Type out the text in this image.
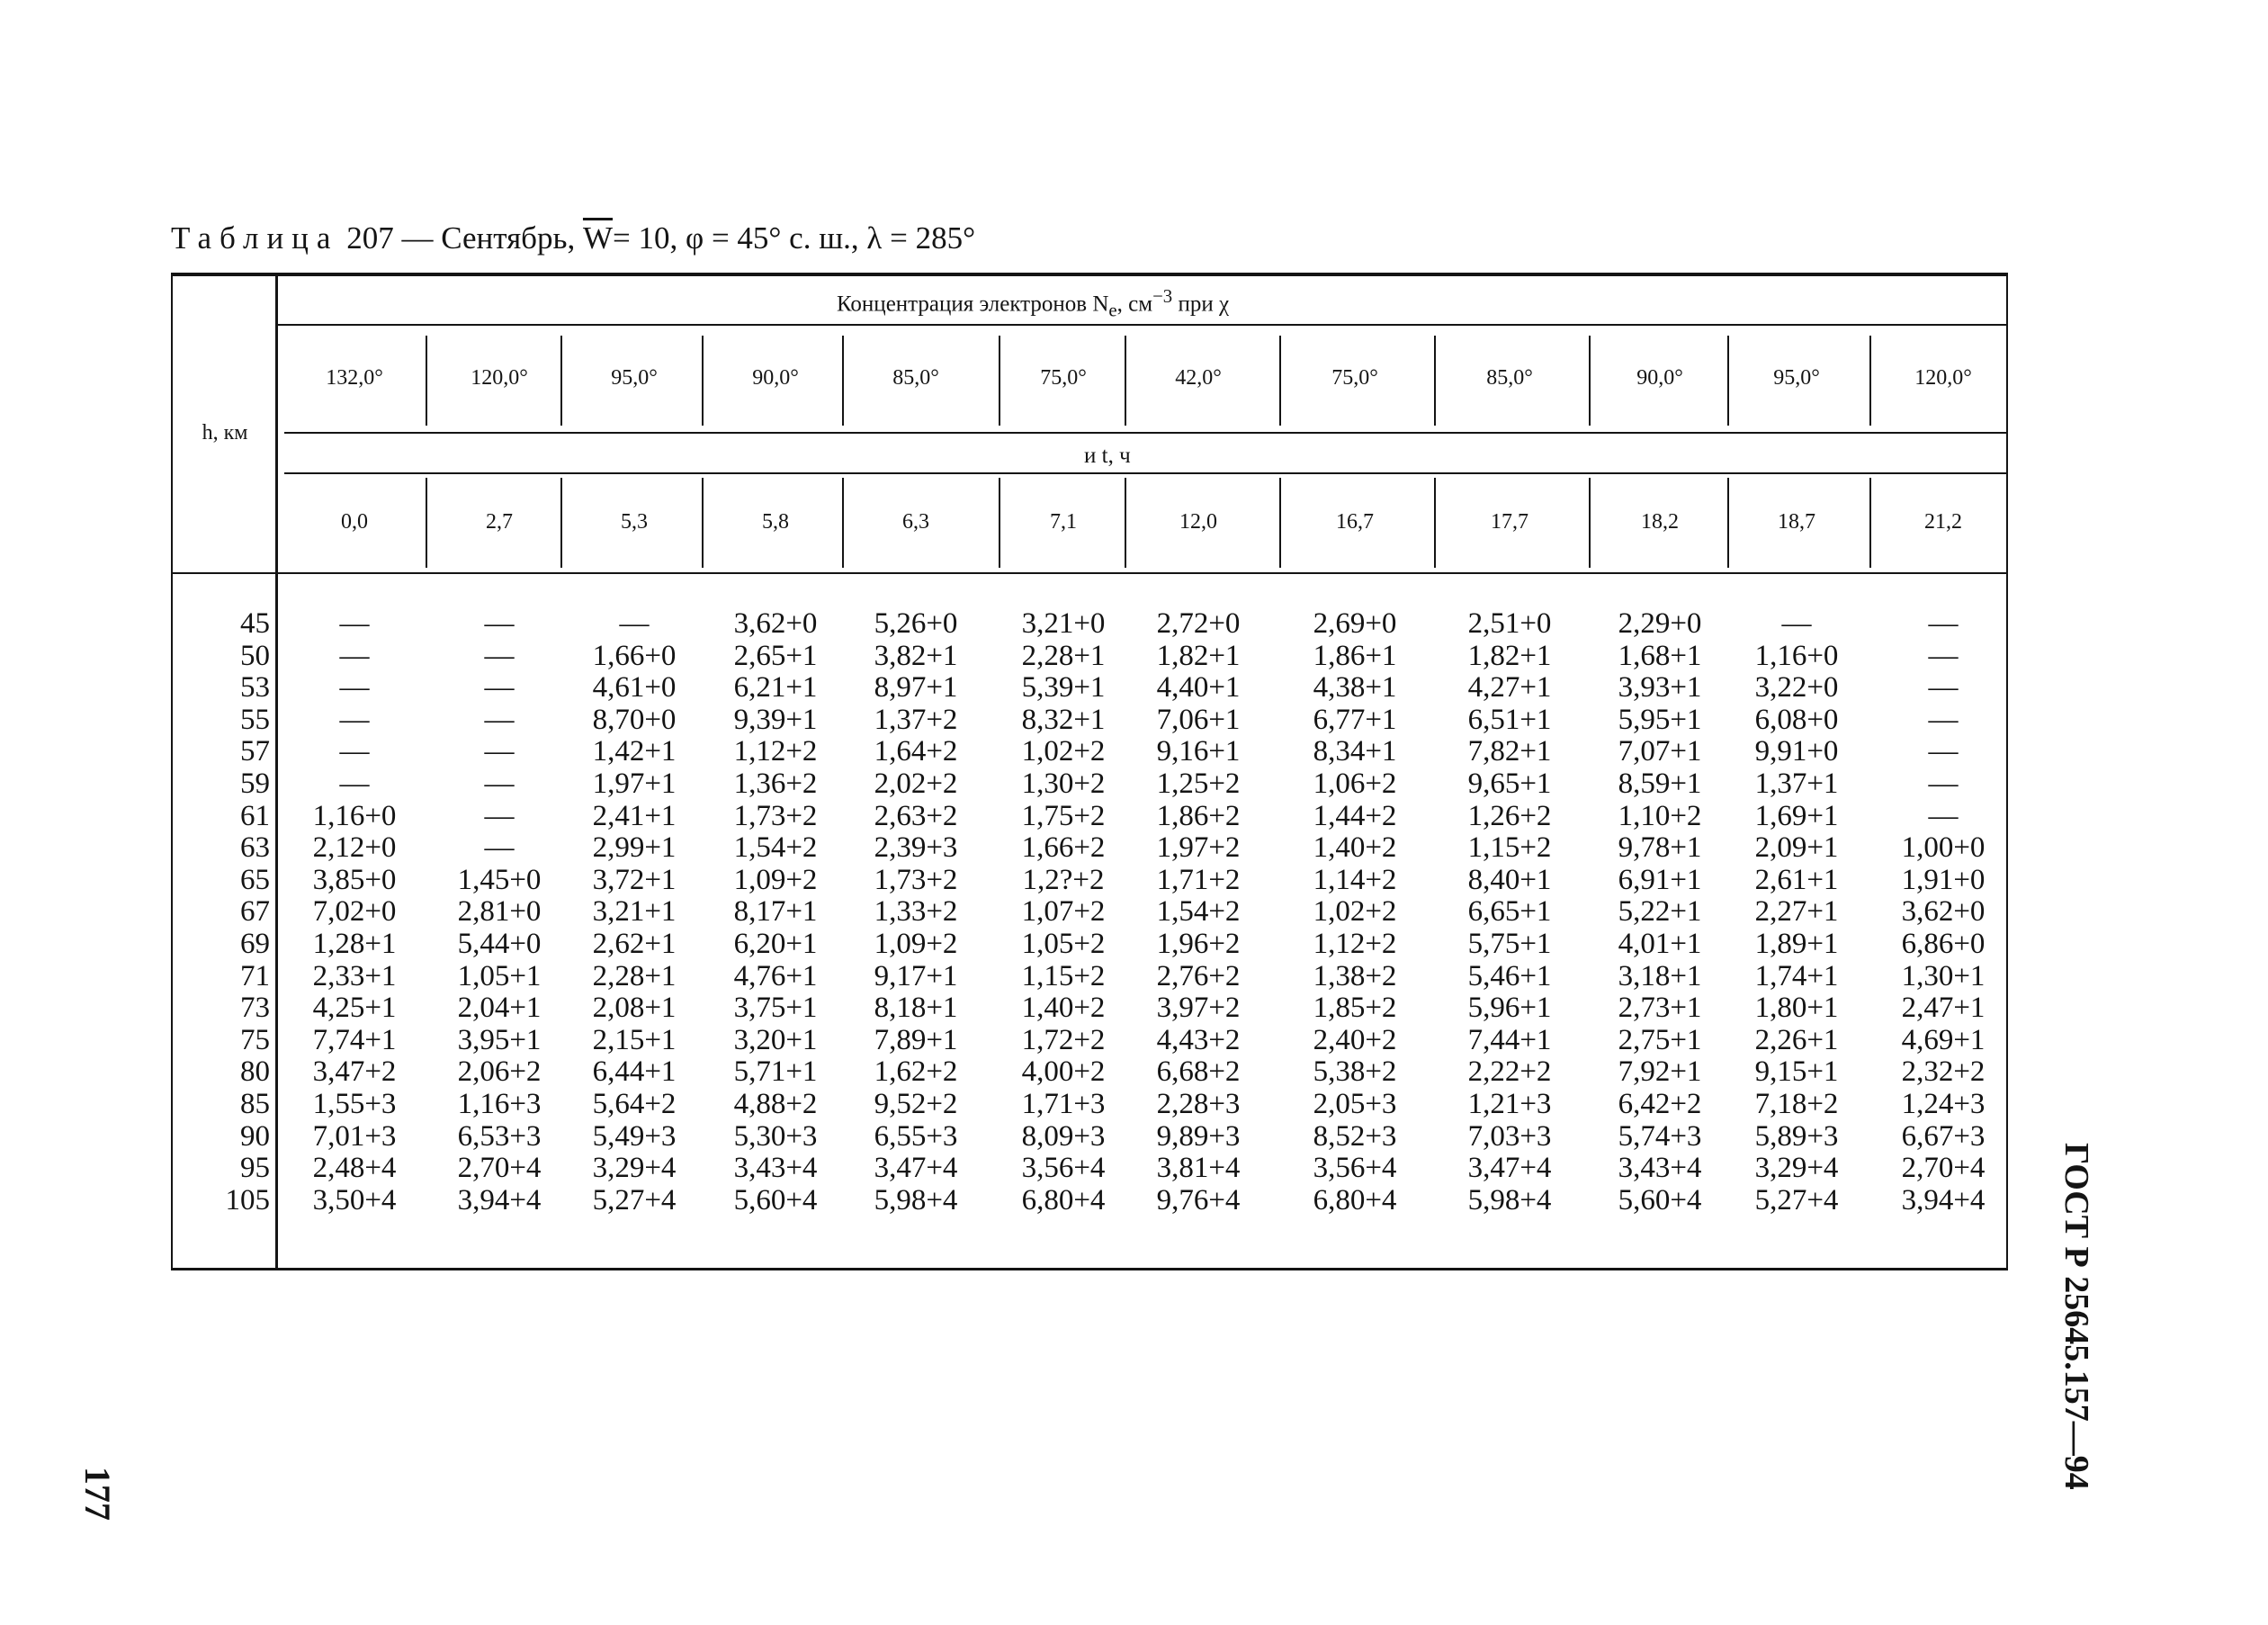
Таблица 207 — Сентябрь, $\overline{W}= 10$, φ = 45° с. ш., λ = 285°
h, км
Концентрация электронов $N_e$, $см^{-3}$ при χ
и t, ч
132,0°	120,0°	95,0°	90,0°	85,0°	75,0°	42,0°	75,0°	85,0°	90,0°	95,0°	120,0°
0,0	2,7	5,3	5,8	6,3	7,1	12,0	16,7	17,7	18,2	18,7	21,2
45	—	—	—	3,62+0	5,26+0	3,21+0	2,72+0	2,69+0	2,51+0	2,29+0	—	—
50	—	—	1,66+0	2,65+1	3,82+1	2,28+1	1,82+1	1,86+1	1,82+1	1,68+1	1,16+0	—
53	—	—	4,61+0	6,21+1	8,97+1	5,39+1	4,40+1	4,38+1	4,27+1	3,93+1	3,22+0	—
55	—	—	8,70+0	9,39+1	1,37+2	8,32+1	7,06+1	6,77+1	6,51+1	5,95+1	6,08+0	—
57	—	—	1,42+1	1,12+2	1,64+2	1,02+2	9,16+1	8,34+1	7,82+1	7,07+1	9,91+0	—
59	—	—	1,97+1	1,36+2	2,02+2	1,30+2	1,25+2	1,06+2	9,65+1	8,59+1	1,37+1	—
61	1,16+0	—	2,41+1	1,73+2	2,63+2	1,75+2	1,86+2	1,44+2	1,26+2	1,10+2	1,69+1	—
63	2,12+0	—	2,99+1	1,54+2	2,39+3	1,66+2	1,97+2	1,40+2	1,15+2	9,78+1	2,09+1	1,00+0
65	3,85+0	1,45+0	3,72+1	1,09+2	1,73+2	1,2?+2	1,71+2	1,14+2	8,40+1	6,91+1	2,61+1	1,91+0
67	7,02+0	2,81+0	3,21+1	8,17+1	1,33+2	1,07+2	1,54+2	1,02+2	6,65+1	5,22+1	2,27+1	3,62+0
69	1,28+1	5,44+0	2,62+1	6,20+1	1,09+2	1,05+2	1,96+2	1,12+2	5,75+1	4,01+1	1,89+1	6,86+0
71	2,33+1	1,05+1	2,28+1	4,76+1	9,17+1	1,15+2	2,76+2	1,38+2	5,46+1	3,18+1	1,74+1	1,30+1
73	4,25+1	2,04+1	2,08+1	3,75+1	8,18+1	1,40+2	3,97+2	1,85+2	5,96+1	2,73+1	1,80+1	2,47+1
75	7,74+1	3,95+1	2,15+1	3,20+1	7,89+1	1,72+2	4,43+2	2,40+2	7,44+1	2,75+1	2,26+1	4,69+1
80	3,47+2	2,06+2	6,44+1	5,71+1	1,62+2	4,00+2	6,68+2	5,38+2	2,22+2	7,92+1	9,15+1	2,32+2
85	1,55+3	1,16+3	5,64+2	4,88+2	9,52+2	1,71+3	2,28+3	2,05+3	1,21+3	6,42+2	7,18+2	1,24+3
90	7,01+3	6,53+3	5,49+3	5,30+3	6,55+3	8,09+3	9,89+3	8,52+3	7,03+3	5,74+3	5,89+3	6,67+3
95	2,48+4	2,70+4	3,29+4	3,43+4	3,47+4	3,56+4	3,81+4	3,56+4	3,47+4	3,43+4	3,29+4	2,70+4
105	3,50+4	3,94+4	5,27+4	5,60+4	5,98+4	6,80+4	9,76+4	6,80+4	5,98+4	5,60+4	5,27+4	3,94+4	ГОСТ Р 25645.157—94
177
